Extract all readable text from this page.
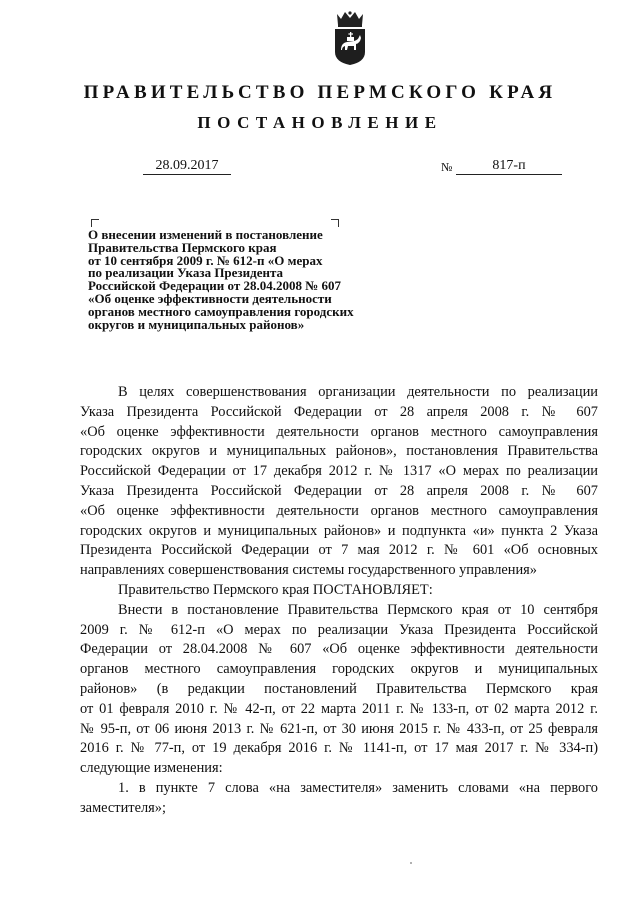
ПРАВИТЕЛЬСТВО ПЕРМСКОГО КРАЯ
ПОСТАНОВЛЕНИЕ
28.09.2017	№	817-п
О внесении изменений в постановление
Правительства Пермского края
от 10 сентября 2009 г. № 612-п «О мерах
по реализации Указа Президента
Российской Федерации от 28.04.2008 № 607
«Об оценке эффективности деятельности
органов местного самоуправления городских
округов и муниципальных районов»
В целях совершенствования организации деятельности по реализации
Указа Президента Российской Федерации от 28 апреля 2008 г. № 607
«Об оценке эффективности деятельности органов местного самоуправления
городских округов и муниципальных районов», постановления Правительства
Российской Федерации от 17 декабря 2012 г. № 1317 «О мерах по реализации
Указа Президента Российской Федерации от 28 апреля 2008 г. № 607
«Об оценке эффективности деятельности органов местного самоуправления
городских округов и муниципальных районов» и подпункта «и» пункта 2 Указа
Президента Российской Федерации от 7 мая 2012 г. № 601 «Об основных
направлениях совершенствования системы государственного управления»
Правительство Пермского края ПОСТАНОВЛЯЕТ:
Внести в постановление Правительства Пермского края от 10 сентября
2009 г. № 612-п «О мерах по реализации Указа Президента Российской
Федерации от 28.04.2008 № 607 «Об оценке эффективности деятельности
органов местного самоуправления городских округов и муниципальных
районов» (в редакции постановлений Правительства Пермского края
от 01 февраля 2010 г. № 42-п, от 22 марта 2011 г. № 133-п, от 02 марта 2012 г.
№ 95-п, от 06 июня 2013 г. № 621-п, от 30 июня 2015 г. № 433-п, от 25 февраля
2016 г. № 77-п, от 19 декабря 2016 г. № 1141-п, от 17 мая 2017 г. № 334-п)
следующие изменения:
1. в пункте 7 слова «на заместителя» заменить словами «на первого
заместителя»;
